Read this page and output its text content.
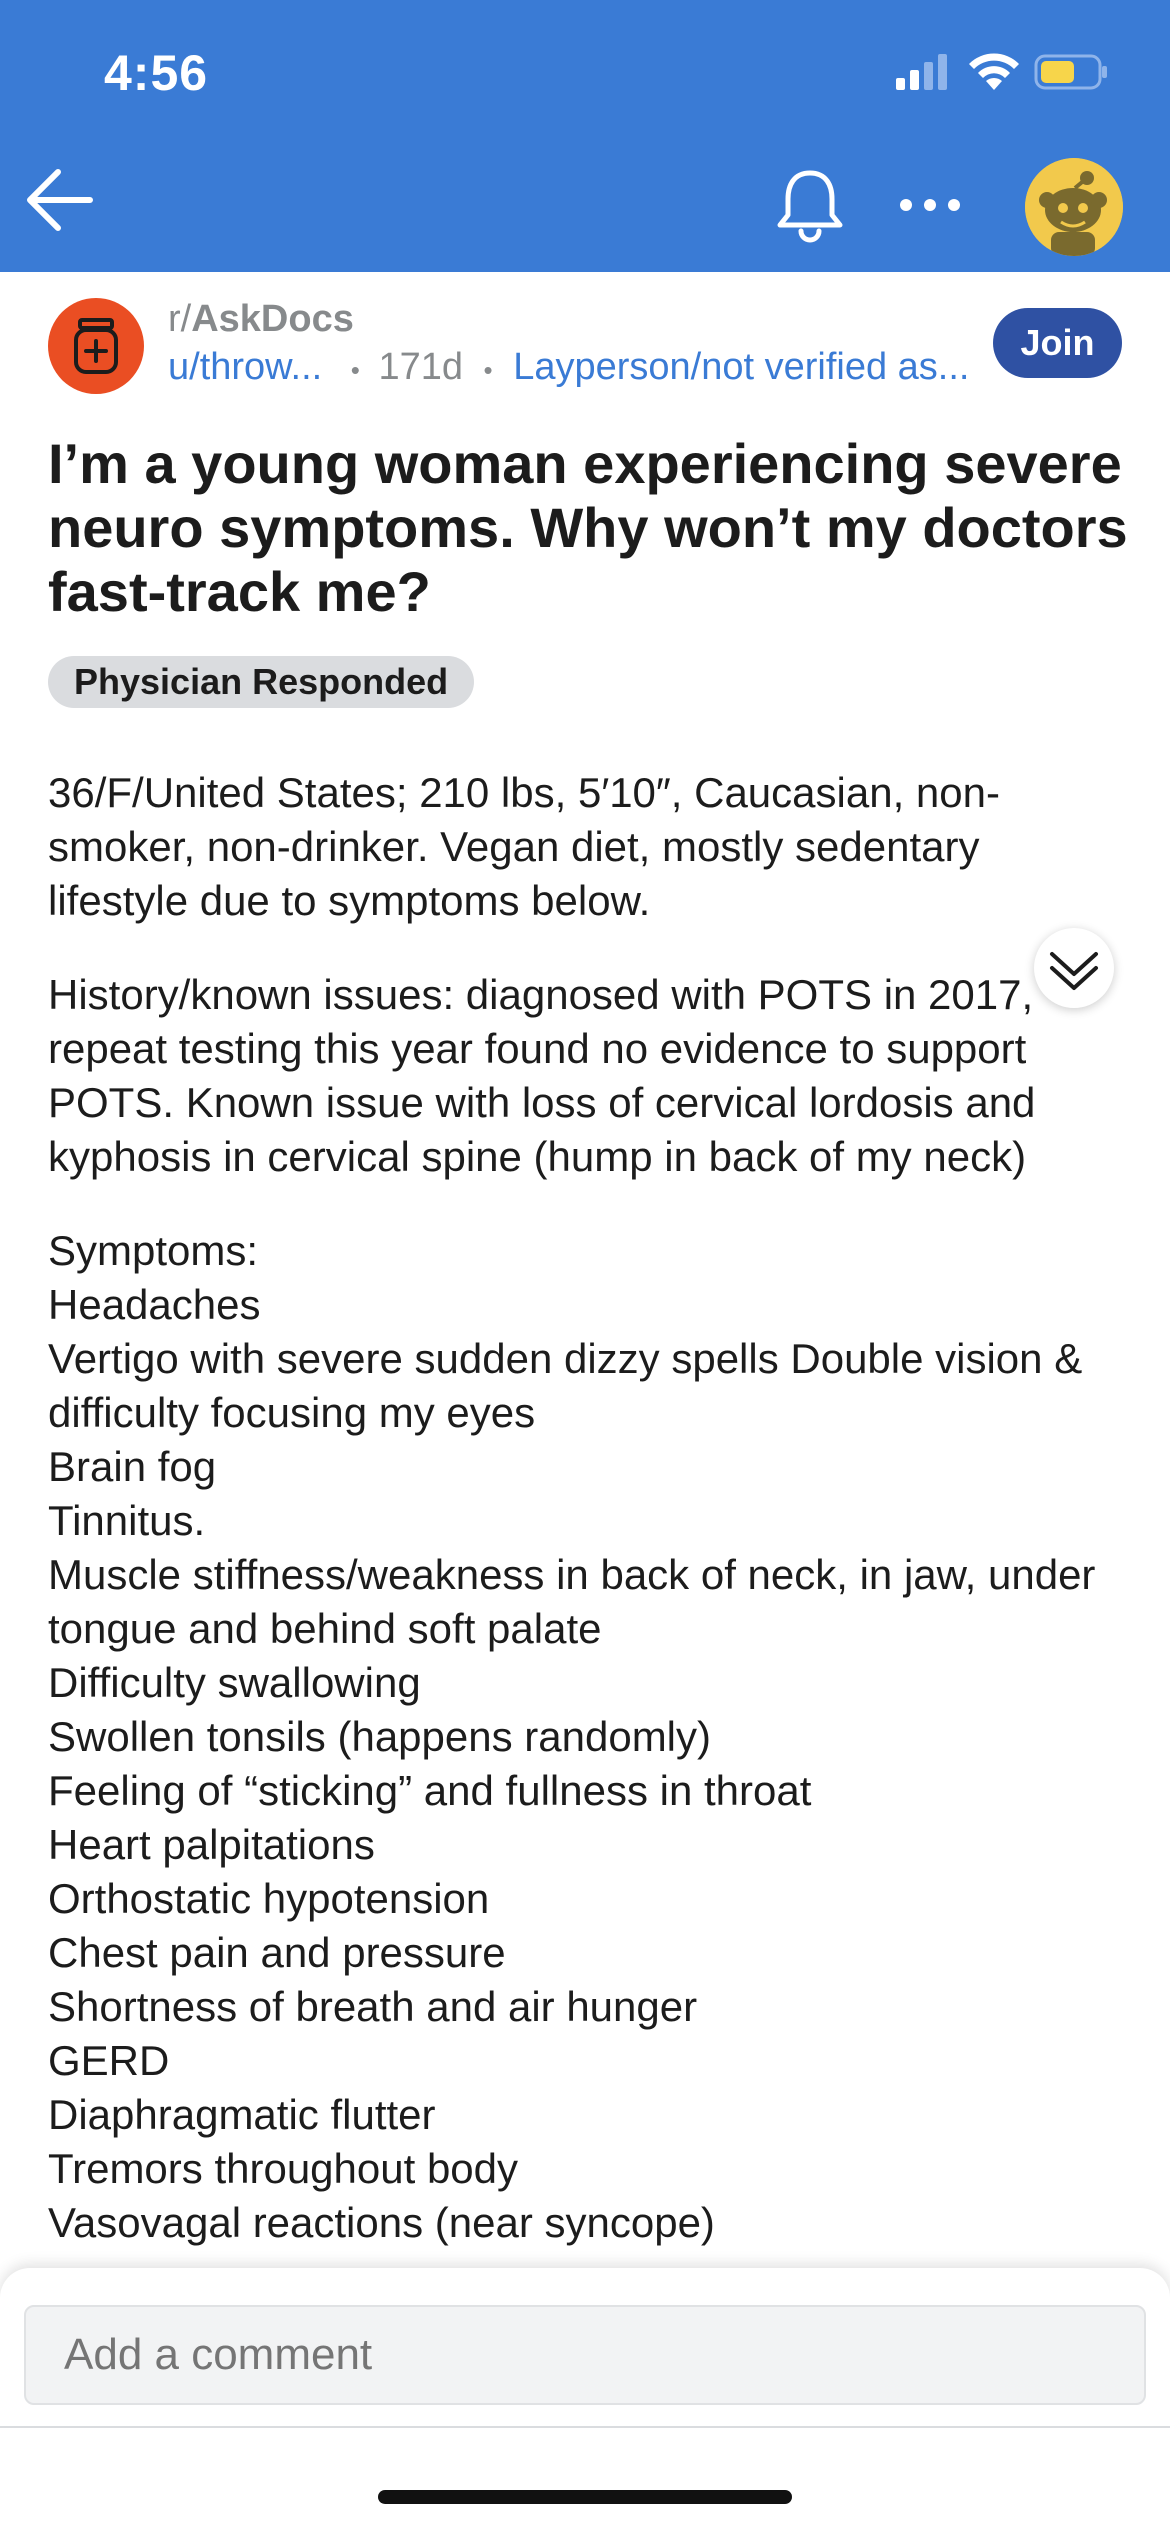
4:56
r/AskDocs
u/throw... • 171d • Layperson/not verified as...
Join
I’m a young woman experiencing severe neuro symptoms. Why won’t my doctors fast-track me?
Physician Responded

36/F/United States; 210 lbs, 5′10″, Caucasian, non-smoker, non-drinker. Vegan diet, mostly sedentary lifestyle due to symptoms below.

History/known issues: diagnosed with POTS in 2017, repeat testing this year found no evidence to support POTS. Known issue with loss of cervical lordosis and kyphosis in cervical spine (hump in back of my neck)

Symptoms:
Headaches
Vertigo with severe sudden dizzy spells Double vision & difficulty focusing my eyes
Brain fog
Tinnitus.
Muscle stiffness/weakness in back of neck, in jaw, under tongue and behind soft palate
Difficulty swallowing
Swollen tonsils (happens randomly)
Feeling of “sticking” and fullness in throat
Heart palpitations
Orthostatic hypotension
Chest pain and pressure
Shortness of breath and air hunger
GERD
Diaphragmatic flutter
Tremors throughout body
Vasovagal reactions (near syncope)
Add a comment
